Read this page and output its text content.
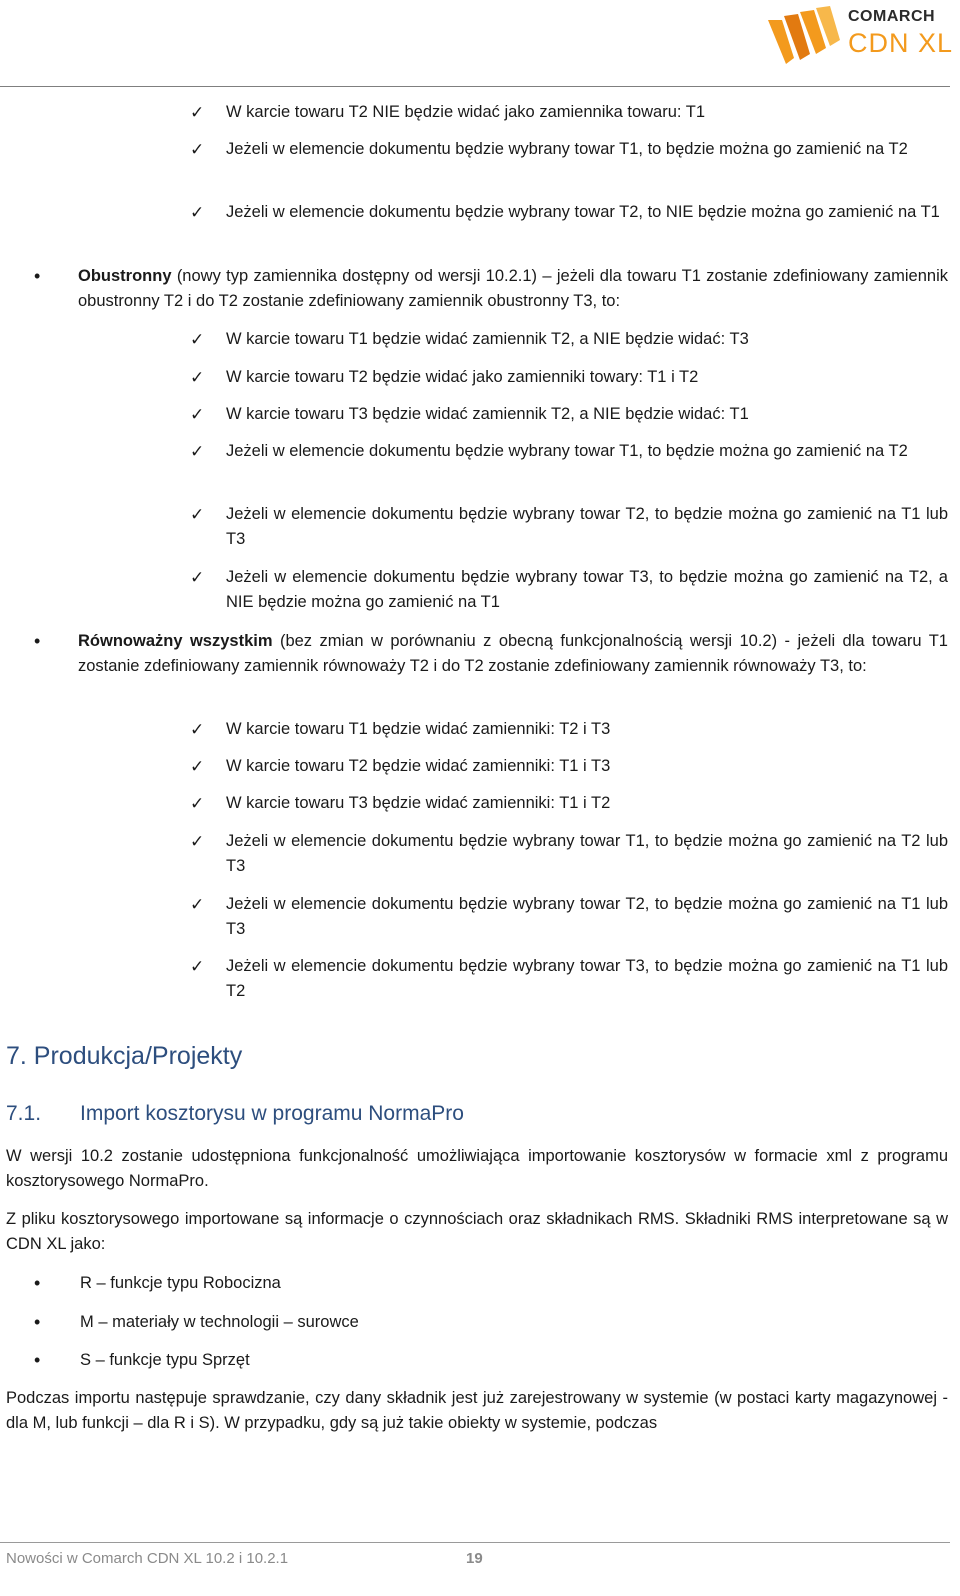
COMARCH
CDN XL
✓	W karcie towaru T2 NIE będzie widać jako zamiennika towaru: T1
✓	Jeżeli w elemencie dokumentu będzie wybrany towar T1, to będzie można go zamienić na T2
✓	Jeżeli w elemencie dokumentu będzie wybrany towar T2, to NIE będzie można go zamienić na T1
• Obustronny (nowy typ zamiennika dostępny od wersji 10.2.1) – jeżeli dla towaru T1 zostanie zdefiniowany zamiennik obustronny T2 i do T2 zostanie zdefiniowany zamiennik obustronny T3, to:
✓	W karcie towaru T1 będzie widać zamiennik T2, a NIE będzie widać: T3
✓	W karcie towaru T2 będzie widać jako zamienniki towary: T1 i T2
✓	W karcie towaru T3 będzie widać zamiennik T2, a NIE będzie widać: T1
✓	Jeżeli w elemencie dokumentu będzie wybrany towar T1, to będzie można go zamienić na T2
✓	Jeżeli w elemencie dokumentu będzie wybrany towar T2, to będzie można go zamienić na T1 lub T3
✓	Jeżeli w elemencie dokumentu będzie wybrany towar T3, to będzie można go zamienić na T2, a NIE będzie można go zamienić na T1
• Równoważny wszystkim (bez zmian w porównaniu z obecną funkcjonalnością wersji 10.2) - jeżeli dla towaru T1 zostanie zdefiniowany zamiennik równoważy T2 i do T2 zostanie zdefiniowany zamiennik równoważy T3, to:
✓	W karcie towaru T1 będzie widać zamienniki: T2 i T3
✓	W karcie towaru T2 będzie widać zamienniki: T1 i T3
✓	W karcie towaru T3 będzie widać zamienniki: T1 i T2
✓	Jeżeli w elemencie dokumentu będzie wybrany towar T1, to będzie można go zamienić na T2 lub T3
✓	Jeżeli w elemencie dokumentu będzie wybrany towar T2, to będzie można go zamienić na T1 lub T3
✓	Jeżeli w elemencie dokumentu będzie wybrany towar T3, to będzie można go zamienić na T1 lub T2
7. Produkcja/Projekty
7.1. Import kosztorysu w programu NormaPro
W wersji 10.2 zostanie udostępniona funkcjonalność umożliwiająca importowanie kosztorysów w formacie xml z programu kosztorysowego NormaPro.
Z pliku kosztorysowego importowane są informacje o czynnościach oraz składnikach RMS. Składniki RMS interpretowane są w CDN XL jako:
•	R – funkcje typu Robocizna
•	M – materiały w technologii – surowce
•	S – funkcje typu Sprzęt
Podczas importu następuje sprawdzanie, czy dany składnik jest już zarejestrowany w systemie (w postaci karty magazynowej - dla M, lub funkcji – dla R i S). W przypadku, gdy są już takie obiekty w systemie, podczas
Nowości w Comarch CDN XL 10.2 i 10.2.1	19
